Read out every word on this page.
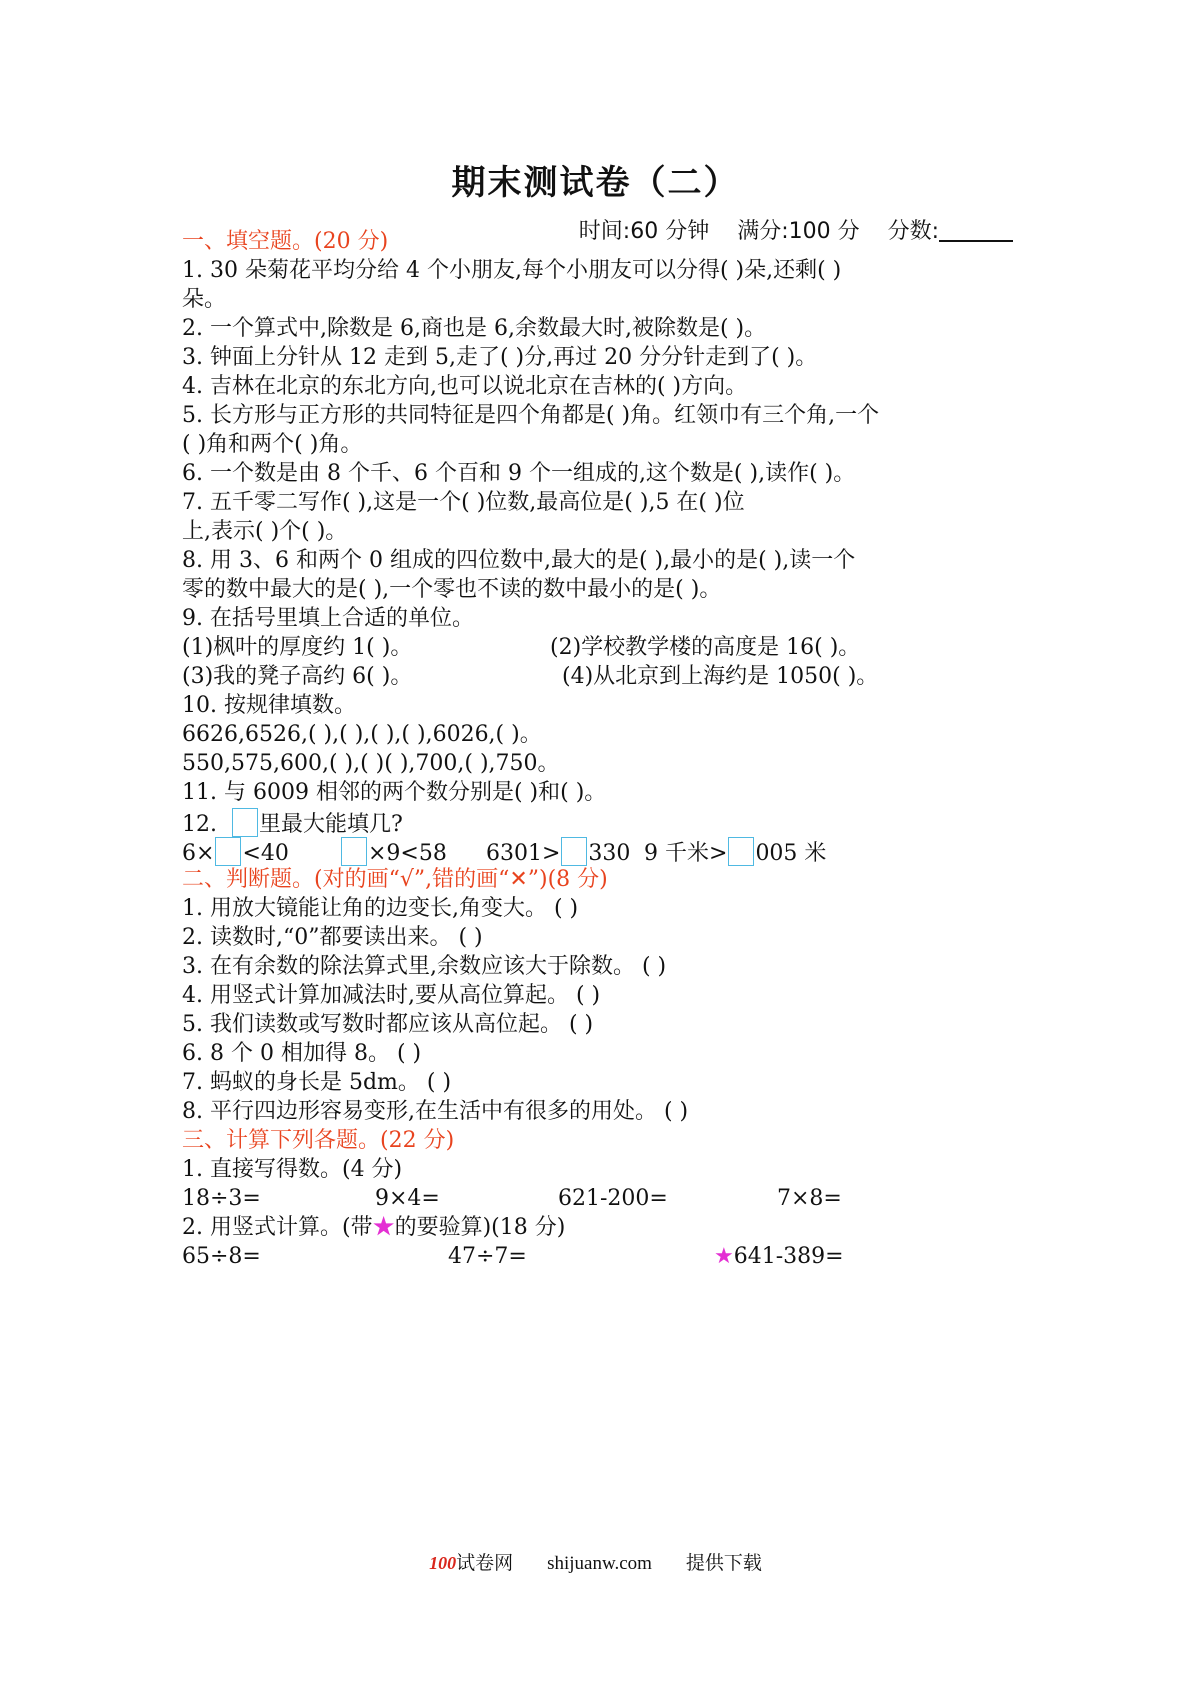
期末测试卷（二）
时间:60 分钟 满分:100 分 分数:
一、填空题。(20 分)
1. 30 朵菊花平均分给 4 个小朋友,每个小朋友可以分得( )朵,还剩( )
朵。
2. 一个算式中,除数是 6,商也是 6,余数最大时,被除数是( )。
3. 钟面上分针从 12 走到 5,走了( )分,再过 20 分分针走到了( )。
4. 吉林在北京的东北方向,也可以说北京在吉林的( )方向。
5. 长方形与正方形的共同特征是四个角都是( )角。红领巾有三个角,一个
( )角和两个( )角。
6. 一个数是由 8 个千、6 个百和 9 个一组成的,这个数是( ),读作( )。
7. 五千零二写作( ),这是一个( )位数,最高位是( ),5 在( )位
上,表示( )个( )。
8. 用 3、6 和两个 0 组成的四位数中,最大的是( ),最小的是( ),读一个
零的数中最大的是( ),一个零也不读的数中最小的是( )。
9. 在括号里填上合适的单位。
(1)枫叶的厚度约 1( )。	(2)学校教学楼的高度是 16( )。
(3)我的凳子高约 6( )。	(4)从北京到上海约是 1050( )。
10. 按规律填数。
6626,6526,( ),( ),( ),( ),6026,( )。
550,575,600,( ),( )( ),700,( ),750。
11. 与 6009 相邻的两个数分别是( )和( )。
12. 里最大能填几?
6× <40	×9<58 6301> 330 9 千米> 005 米
二、判断题。(对的画“√”,错的画“✕”)(8 分)
1. 用放大镜能让角的边变长,角变大。 ( )
2. 读数时,“0”都要读出来。 ( )
3. 在有余数的除法算式里,余数应该大于除数。 ( )
4. 用竖式计算加减法时,要从高位算起。 ( )
5. 我们读数或写数时都应该从高位起。 ( )
6. 8 个 0 相加得 8。 ( )
7. 蚂蚁的身长是 5dm。 ( )
8. 平行四边形容易变形,在生活中有很多的用处。 ( )
三、计算下列各题。(22 分)
1. 直接写得数。(4 分)
18÷3=	9×4=	621-200=	7×8=
2. 用竖式计算。(带★的要验算)(18 分)
65÷8=	47÷7=	★641-389=
100试卷网 shijuanw.com 提供下载
